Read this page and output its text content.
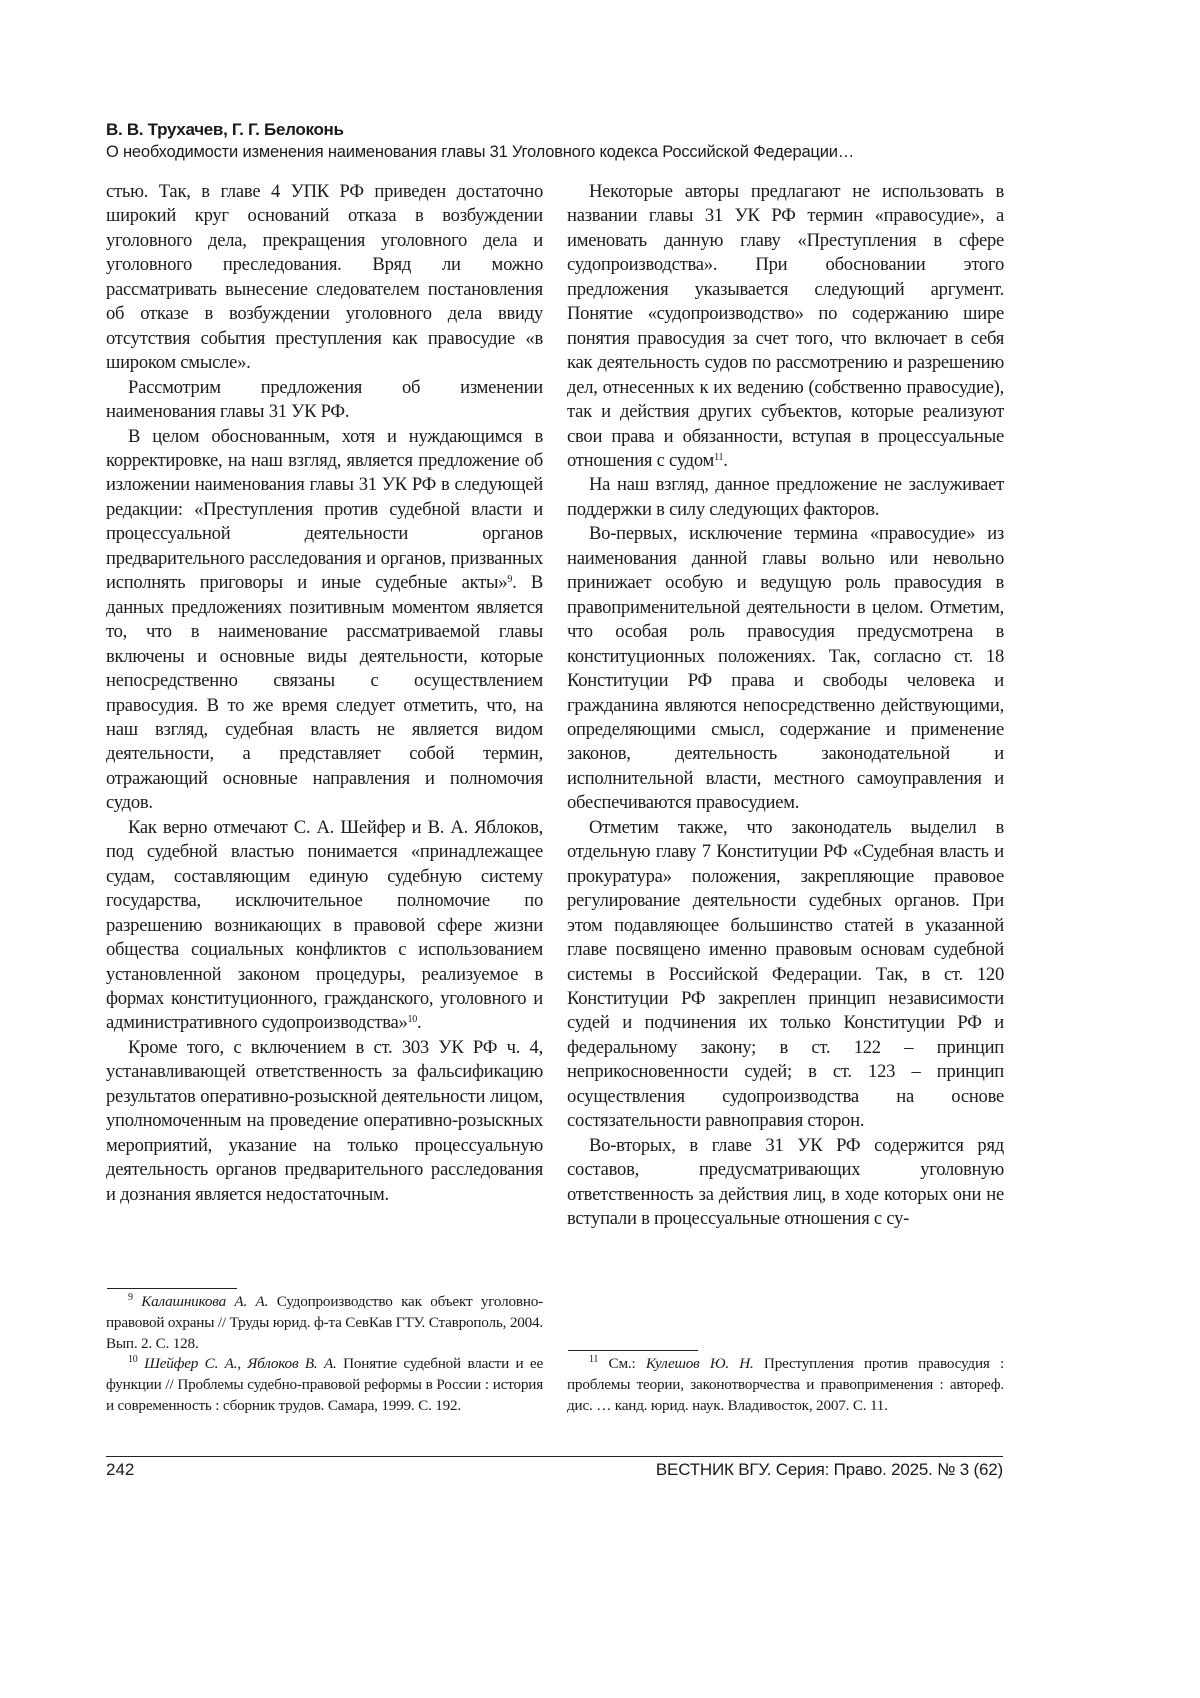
В. В. Трухачев, Г. Г. Белоконь
О необходимости изменения наименования главы 31 Уголовного кодекса Российской Федерации…

стью. Так, в главе 4 УПК РФ приведен достаточно широкий круг оснований отказа в возбуждении уголовного дела, прекращения уголовного дела и уголовного преследования. Вряд ли можно рассматривать вынесение следователем постановления об отказе в возбуждении уголовного дела ввиду отсутствия события преступления как правосудие «в широком смысле».

Рассмотрим предложения об изменении наименования главы 31 УК РФ.

В целом обоснованным, хотя и нуждающимся в корректировке, на наш взгляд, является предложение об изложении наименования главы 31 УК РФ в следующей редакции: «Преступления против судебной власти и процессуальной деятельности органов предварительного расследования и органов, призванных исполнять приговоры и иные судебные акты»9. В данных предложениях позитивным моментом является то, что в наименование рассматриваемой главы включены и основные виды деятельности, которые непосредственно связаны с осуществлением правосудия. В то же время следует отметить, что, на наш взгляд, судебная власть не является видом деятельности, а представляет собой термин, отражающий основные направления и полномочия судов.

Как верно отмечают С. А. Шейфер и В. А. Яблоков, под судебной властью понимается «принадлежащее судам, составляющим единую судебную систему государства, исключительное полномочие по разрешению возникающих в правовой сфере жизни общества социальных конфликтов с использованием установленной законом процедуры, реализуемое в формах конституционного, гражданского, уголовного и административного судопроизводства»10.

Кроме того, с включением в ст. 303 УК РФ ч. 4, устанавливающей ответственность за фальсификацию результатов оперативно-розыскной деятельности лицом, уполномоченным на проведение оперативно-розыскных мероприятий, указание на только процессуальную деятельность органов предварительного расследования и дознания является недостаточным.

Некоторые авторы предлагают не использовать в названии главы 31 УК РФ термин «правосудие», а именовать данную главу «Преступления в сфере судопроизводства». При обосновании этого предложения указывается следующий аргумент. Понятие «судопроизводство» по содержанию шире понятия правосудия за счет того, что включает в себя как деятельность судов по рассмотрению и разрешению дел, отнесенных к их ведению (собственно правосудие), так и действия других субъектов, которые реализуют свои права и обязанности, вступая в процессуальные отношения с судом11.

На наш взгляд, данное предложение не заслуживает поддержки в силу следующих факторов.

Во-первых, исключение термина «правосудие» из наименования данной главы вольно или невольно принижает особую и ведущую роль правосудия в правоприменительной деятельности в целом. Отметим, что особая роль правосудия предусмотрена в конституционных положениях. Так, согласно ст. 18 Конституции РФ права и свободы человека и гражданина являются непосредственно действующими, определяющими смысл, содержание и применение законов, деятельность законодательной и исполнительной власти, местного самоуправления и обеспечиваются правосудием.

Отметим также, что законодатель выделил в отдельную главу 7 Конституции РФ «Судебная власть и прокуратура» положения, закрепляющие правовое регулирование деятельности судебных органов. При этом подавляющее большинство статей в указанной главе посвящено именно правовым основам судебной системы в Российской Федерации. Так, в ст. 120 Конституции РФ закреплен принцип независимости судей и подчинения их только Конституции РФ и федеральному закону; в ст. 122 – принцип неприкосновенности судей; в ст. 123 – принцип осуществления судопроизводства на основе состязательности равноправия сторон.

Во-вторых, в главе 31 УК РФ содержится ряд составов, предусматривающих уголовную ответственность за действия лиц, в ходе которых они не вступали в процессуальные отношения с су-

9 Калашникова А. А. Судопроизводство как объект уголовно-правовой охраны // Труды юрид. ф-та СевКав ГТУ. Ставрополь, 2004. Вып. 2. С. 128.

10 Шейфер С. А., Яблоков В. А. Понятие судебной власти и ее функции // Проблемы судебно-правовой реформы в России : история и современность : сборник трудов. Самара, 1999. С. 192.

11 См.: Кулешов Ю. Н. Преступления против правосудия : проблемы теории, законотворчества и правоприменения : автореф. дис. … канд. юрид. наук. Владивосток, 2007. С. 11.

242	ВЕСТНИК ВГУ. Серия: Право. 2025. № 3 (62)
